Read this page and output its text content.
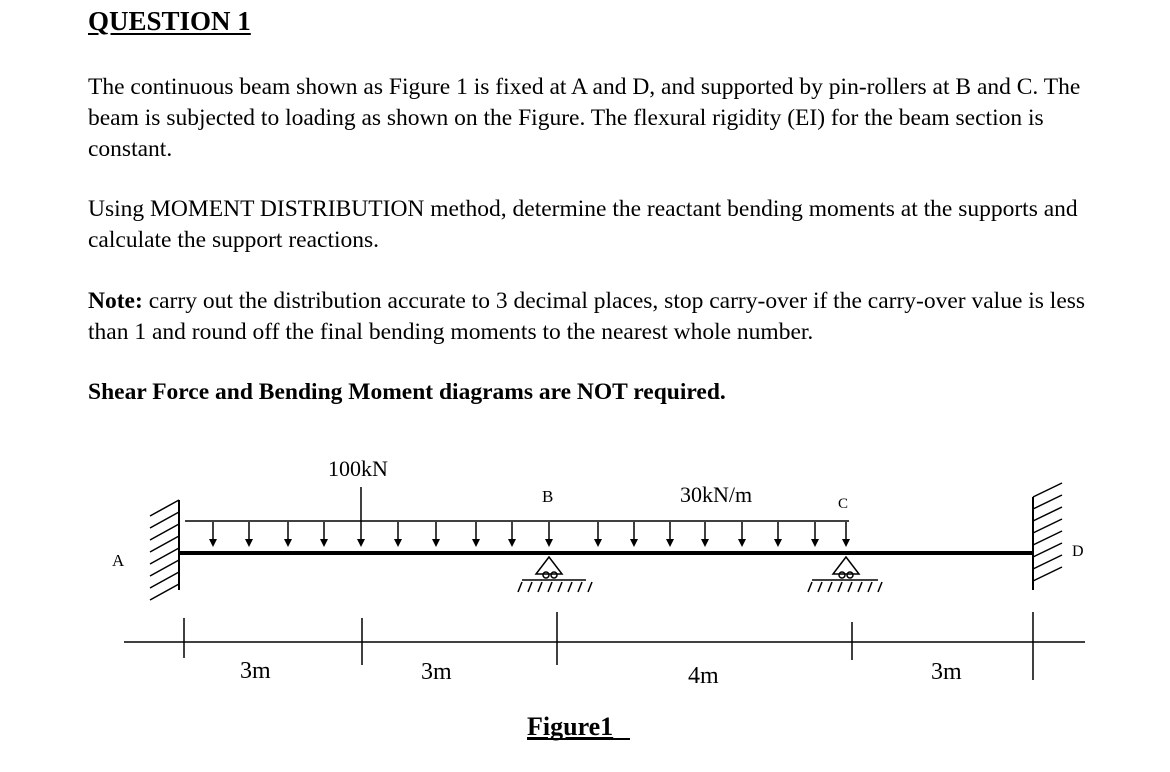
QUESTION 1

The continuous beam shown as Figure 1 is fixed at A and D, and supported by pin-rollers at B and C. The beam is subjected to loading as shown on the Figure. The flexural rigidity (EI) for the beam section is constant.

Using MOMENT DISTRIBUTION method, determine the reactant bending moments at the supports and calculate the support reactions.

Note: carry out the distribution accurate to 3 decimal places, stop carry-over if the carry-over value is less than 1 and round off the final bending moments to the nearest whole number.

Shear Force and Bending Moment diagrams are NOT required.

100kN
30kN/m
A
B	C
D
3m	3m	4m	3m
Figure1
